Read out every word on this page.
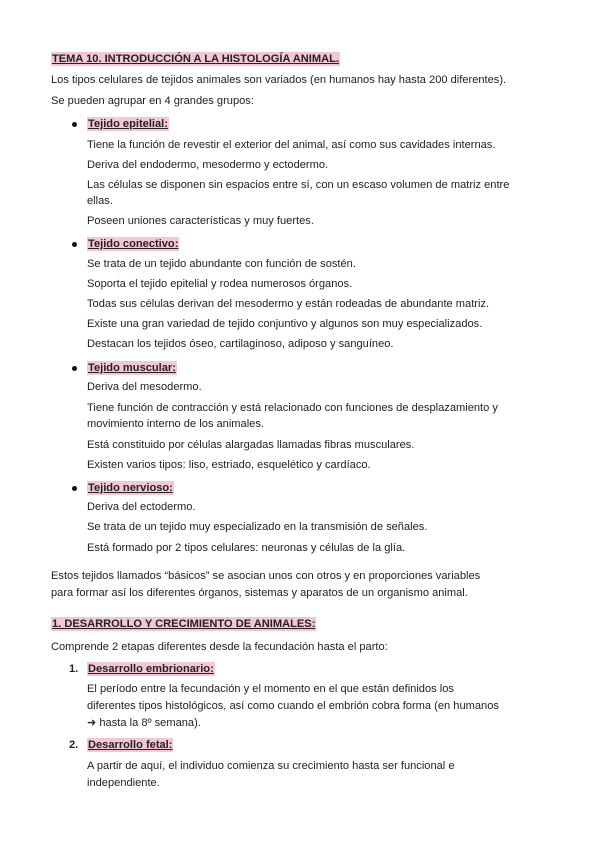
TEMA 10. INTRODUCCIÓN A LA HISTOLOGÍA ANIMAL.
Los tipos celulares de tejidos animales son variados (en humanos hay hasta 200 diferentes).
Se pueden agrupar en 4 grandes grupos:
Tejido epitelial:
Tiene la función de revestir el exterior del animal, así como sus cavidades internas.
Deriva del endodermo, mesodermo y ectodermo.
Las células se disponen sin espacios entre sí, con un escaso volumen de matriz entre
ellas.
Poseen uniones características y muy fuertes.
Tejido conectivo:
Se trata de un tejido abundante con función de sostén.
Soporta el tejido epitelial y rodea numerosos órganos.
Todas sus células derivan del mesodermo y están rodeadas de abundante matriz.
Existe una gran variedad de tejido conjuntivo y algunos son muy especializados.
Destacan los tejidos óseo, cartilaginoso, adiposo y sanguíneo.
Tejido muscular:
Deriva del mesodermo.
Tiene función de contracción y está relacionado con funciones de desplazamiento y
movimiento interno de los animales.
Está constituido por células alargadas llamadas fibras musculares.
Existen varios tipos: liso, estriado, esquelético y cardíaco.
Tejido nervioso:
Deriva del ectodermo.
Se trata de un tejido muy especializado en la transmisión de señales.
Está formado por 2 tipos celulares: neuronas y células de la glía.
Estos tejidos llamados “básicos” se asocian unos con otros y en proporciones variables
para formar así los diferentes órganos, sistemas y aparatos de un organismo animal.
1. DESARROLLO Y CRECIMIENTO DE ANIMALES:
Comprende 2 etapas diferentes desde la fecundación hasta el parto:
1. Desarrollo embrionario:
El período entre la fecundación y el momento en el que están definidos los
diferentes tipos histológicos, así como cuando el embrión cobra forma (en humanos
➜ hasta la 8º semana).
2. Desarrollo fetal:
A partir de aquí, el individuo comienza su crecimiento hasta ser funcional e
independiente.
